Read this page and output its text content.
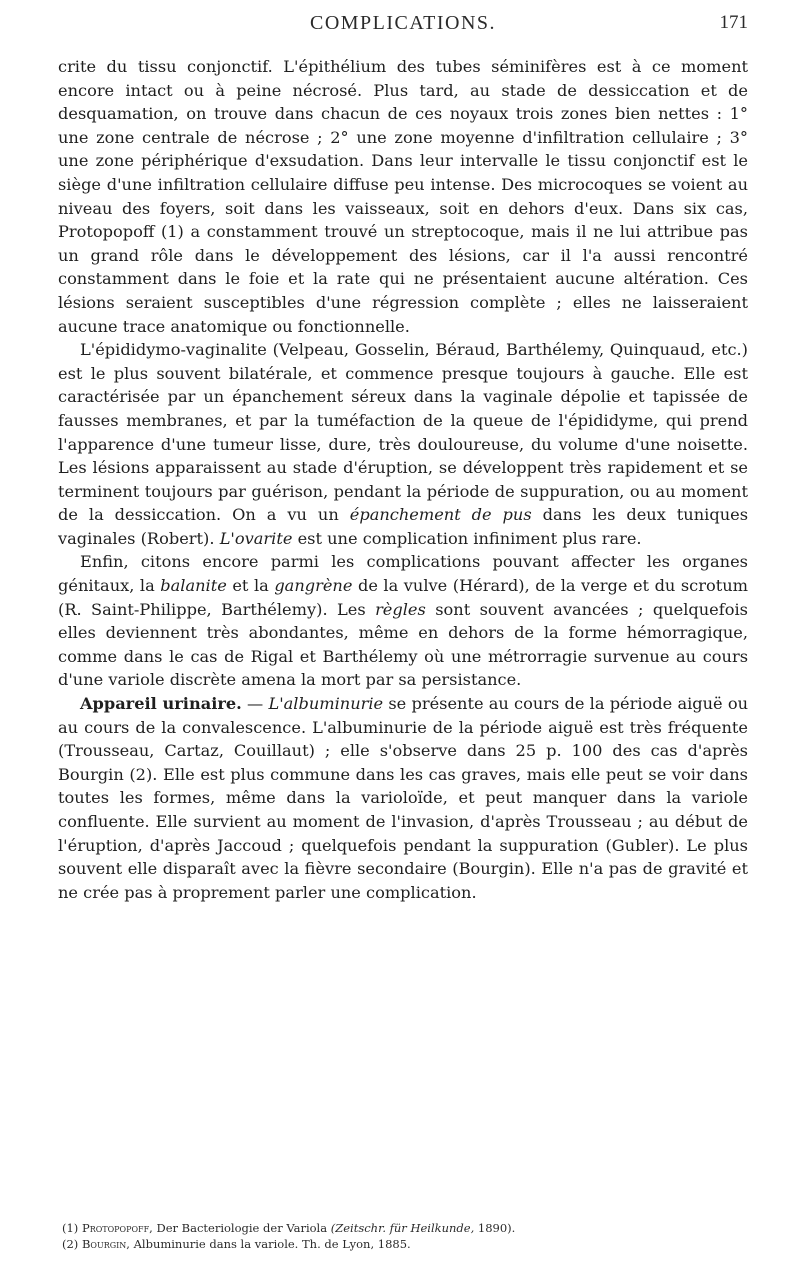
COMPLICATIONS.	171

crite du tissu conjonctif. L'épithélium des tubes séminifères est à ce moment encore intact ou à peine nécrosé. Plus tard, au stade de dessiccation et de desquamation, on trouve dans chacun de ces noyaux trois zones bien nettes : 1° une zone centrale de nécrose ; 2° une zone moyenne d'infiltration cellulaire ; 3° une zone périphérique d'exsudation. Dans leur intervalle le tissu conjonctif est le siège d'une infiltration cellulaire diffuse peu intense. Des microcoques se voient au niveau des foyers, soit dans les vaisseaux, soit en dehors d'eux. Dans six cas, Protopopoff (1) a constamment trouvé un streptocoque, mais il ne lui attribue pas un grand rôle dans le développement des lésions, car il l'a aussi rencontré constamment dans le foie et la rate qui ne présentaient aucune altération. Ces lésions seraient susceptibles d'une régression complète ; elles ne laisseraient aucune trace anatomique ou fonctionnelle.

L'épididymo-vaginalite (Velpeau, Gosselin, Béraud, Barthélemy, Quinquaud, etc.) est le plus souvent bilatérale, et commence presque toujours à gauche. Elle est caractérisée par un épanchement séreux dans la vaginale dépolie et tapissée de fausses membranes, et par la tuméfaction de la queue de l'épididyme, qui prend l'apparence d'une tumeur lisse, dure, très douloureuse, du volume d'une noisette. Les lésions apparaissent au stade d'éruption, se développent très rapidement et se terminent toujours par guérison, pendant la période de suppuration, ou au moment de la dessiccation. On a vu un épanchement de pus dans les deux tuniques vaginales (Robert). L'ovarite est une complication infiniment plus rare.

Enfin, citons encore parmi les complications pouvant affecter les organes génitaux, la balanite et la gangrène de la vulve (Hérard), de la verge et du scrotum (R. Saint-Philippe, Barthélemy). Les règles sont souvent avancées ; quelquefois elles deviennent très abondantes, même en dehors de la forme hémorragique, comme dans le cas de Rigal et Barthélemy où une métrorragie survenue au cours d'une variole discrète amena la mort par sa persistance.

Appareil urinaire. — L'albuminurie se présente au cours de la période aiguë ou au cours de la convalescence. L'albuminurie de la période aiguë est très fréquente (Trousseau, Cartaz, Couillaut) ; elle s'observe dans 25 p. 100 des cas d'après Bourgin (2). Elle est plus commune dans les cas graves, mais elle peut se voir dans toutes les formes, même dans la varioloïde, et peut manquer dans la variole confluente. Elle survient au moment de l'invasion, d'après Trousseau ; au début de l'éruption, d'après Jaccoud ; quelquefois pendant la suppuration (Gubler). Le plus souvent elle disparaît avec la fièvre secondaire (Bourgin). Elle n'a pas de gravité et ne crée pas à proprement parler une complication.

(1) Protopopoff, Der Bacteriologie der Variola (Zeitschr. für Heilkunde, 1890).

(2) Bourgin, Albuminurie dans la variole. Th. de Lyon, 1885.
